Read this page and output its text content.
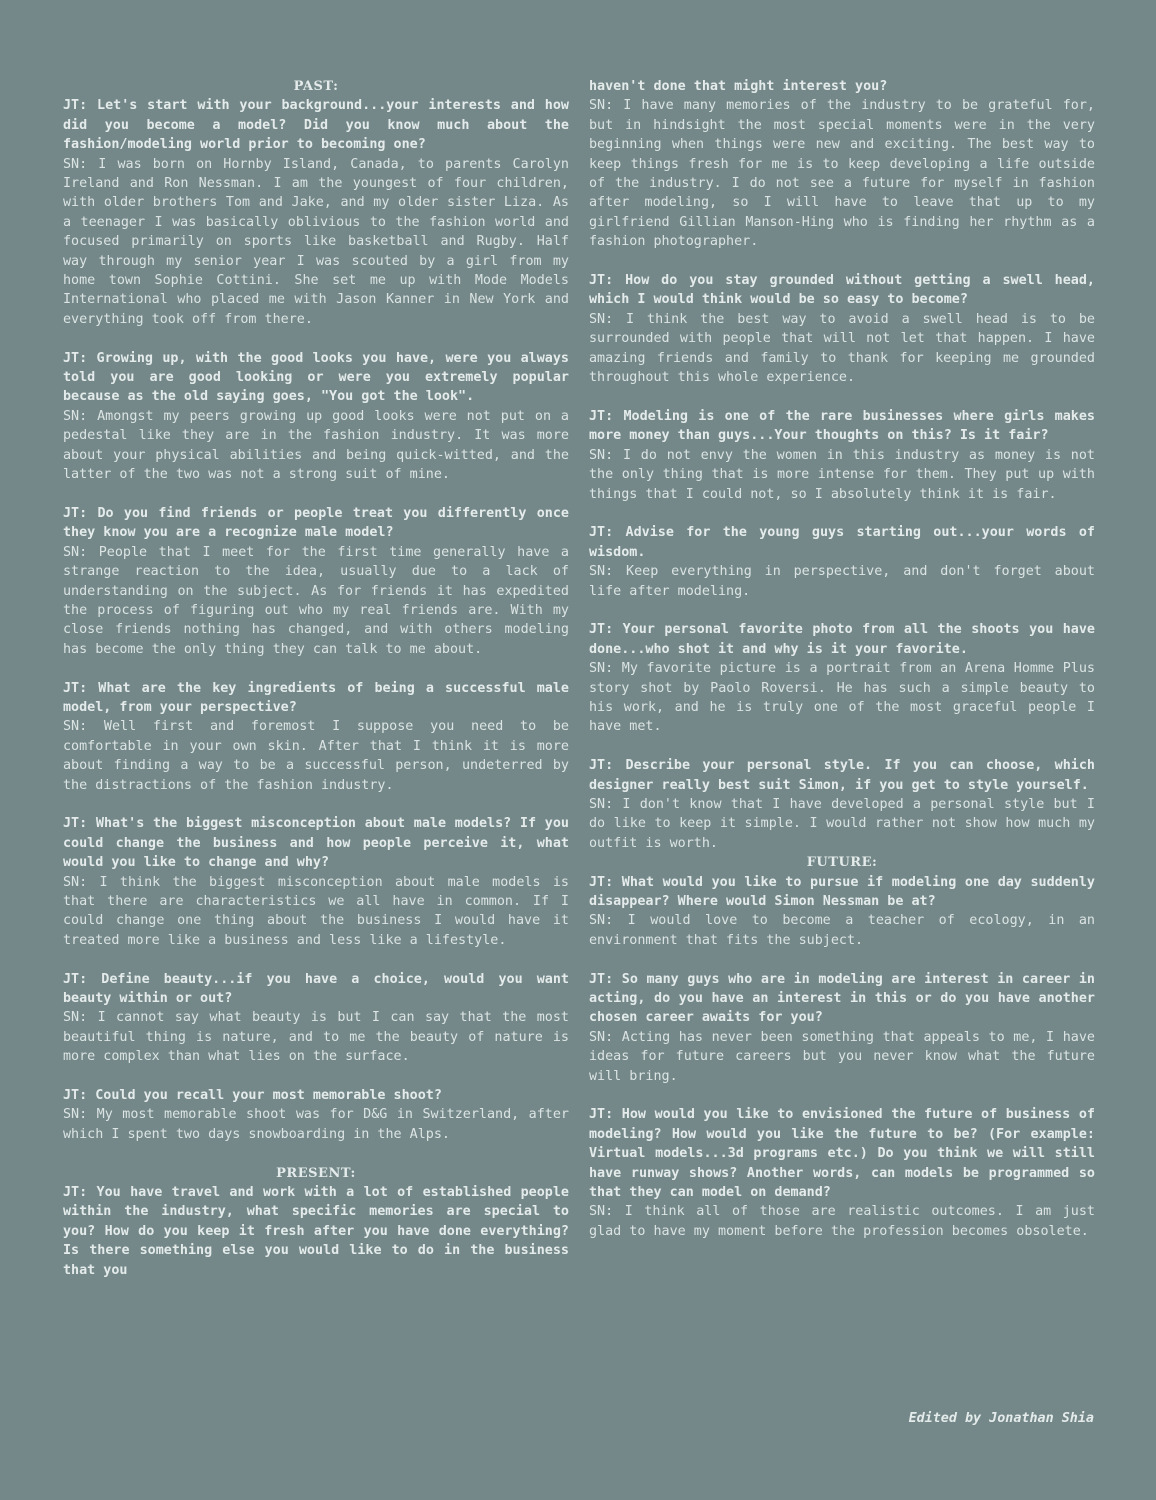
PAST:

JT: Let's start with your background...your interests and how did you become a model? Did you know much about the fashion/modeling world prior to becoming one?

SN: I was born on Hornby Island, Canada, to parents Carolyn Ireland and Ron Nessman. I am the youngest of four children, with older brothers Tom and Jake, and my older sister Liza. As a teenager I was basically oblivious to the fashion world and focused primarily on sports like basketball and Rugby. Half way through my senior year I was scouted by a girl from my home town Sophie Cottini. She set me up with Mode Models International who placed me with Jason Kanner in New York and everything took off from there.

JT: Growing up, with the good looks you have, were you always told you are good looking or were you extremely popular because as the old saying goes, "You got the look".

SN: Amongst my peers growing up good looks were not put on a pedestal like they are in the fashion industry. It was more about your physical abilities and being quick-witted, and the latter of the two was not a strong suit of mine.

JT: Do you find friends or people treat you differently once they know you are a recognize male model?

SN: People that I meet for the first time generally have a strange reaction to the idea, usually due to a lack of understanding on the subject. As for friends it has expedited the process of figuring out who my real friends are. With my close friends nothing has changed, and with others modeling has become the only thing they can talk to me about.

JT: What are the key ingredients of being a successful male model, from your perspective?

SN: Well first and foremost I suppose you need to be comfortable in your own skin. After that I think it is more about finding a way to be a successful person, undeterred by the distractions of the fashion industry.

JT: What's the biggest misconception about male models? If you could change the business and how people perceive it, what would you like to change and why?

SN: I think the biggest misconception about male models is that there are characteristics we all have in common. If I could change one thing about the business I would have it treated more like a business and less like a lifestyle.

JT: Define beauty...if you have a choice, would you want beauty within or out?

SN: I cannot say what beauty is but I can say that the most beautiful thing is nature, and to me the beauty of nature is more complex than what lies on the surface.

JT: Could you recall your most memorable shoot?

SN: My most memorable shoot was for D&G in Switzerland, after which I spent two days snowboarding in the Alps.

PRESENT:

JT: You have travel and work with a lot of established people within the industry, what specific memories are special to you? How do you keep it fresh after you have done everything? Is there something else you would like to do in the business that you

haven't done that might interest you?

SN: I have many memories of the industry to be grateful for, but in hindsight the most special moments were in the very beginning when things were new and exciting. The best way to keep things fresh for me is to keep developing a life outside of the industry. I do not see a future for myself in fashion after modeling, so I will have to leave that up to my girlfriend Gillian Manson-Hing who is finding her rhythm as a fashion photographer.

JT: How do you stay grounded without getting a swell head, which I would think would be so easy to become?

SN: I think the best way to avoid a swell head is to be surrounded with people that will not let that happen. I have amazing friends and family to thank for keeping me grounded throughout this whole experience.

JT: Modeling is one of the rare businesses where girls makes more money than guys...Your thoughts on this? Is it fair?

SN: I do not envy the women in this industry as money is not the only thing that is more intense for them. They put up with things that I could not, so I absolutely think it is fair.

JT: Advise for the young guys starting out...your words of wisdom.

SN: Keep everything in perspective, and don't forget about life after modeling.

JT: Your personal favorite photo from all the shoots you have done...who shot it and why is it your favorite.

SN: My favorite picture is a portrait from an Arena Homme Plus story shot by Paolo Roversi. He has such a simple beauty to his work, and he is truly one of the most graceful people I have met.

JT: Describe your personal style. If you can choose, which designer really best suit Simon, if you get to style yourself.

SN: I don't know that I have developed a personal style but I do like to keep it simple. I would rather not show how much my outfit is worth.

FUTURE:

JT: What would you like to pursue if modeling one day suddenly disappear? Where would Simon Nessman be at?

SN: I would love to become a teacher of ecology, in an environment that fits the subject.

JT: So many guys who are in modeling are interest in career in acting, do you have an interest in this or do you have another chosen career awaits for you?

SN: Acting has never been something that appeals to me, I have ideas for future careers but you never know what the future will bring.

JT: How would you like to envisioned the future of business of modeling? How would you like the future to be? (For example: Virtual models...3d programs etc.) Do you think we will still have runway shows? Another words, can models be programmed so that they can model on demand?

SN: I think all of those are realistic outcomes. I am just glad to have my moment before the profession becomes obsolete.

Edited by Jonathan Shia
